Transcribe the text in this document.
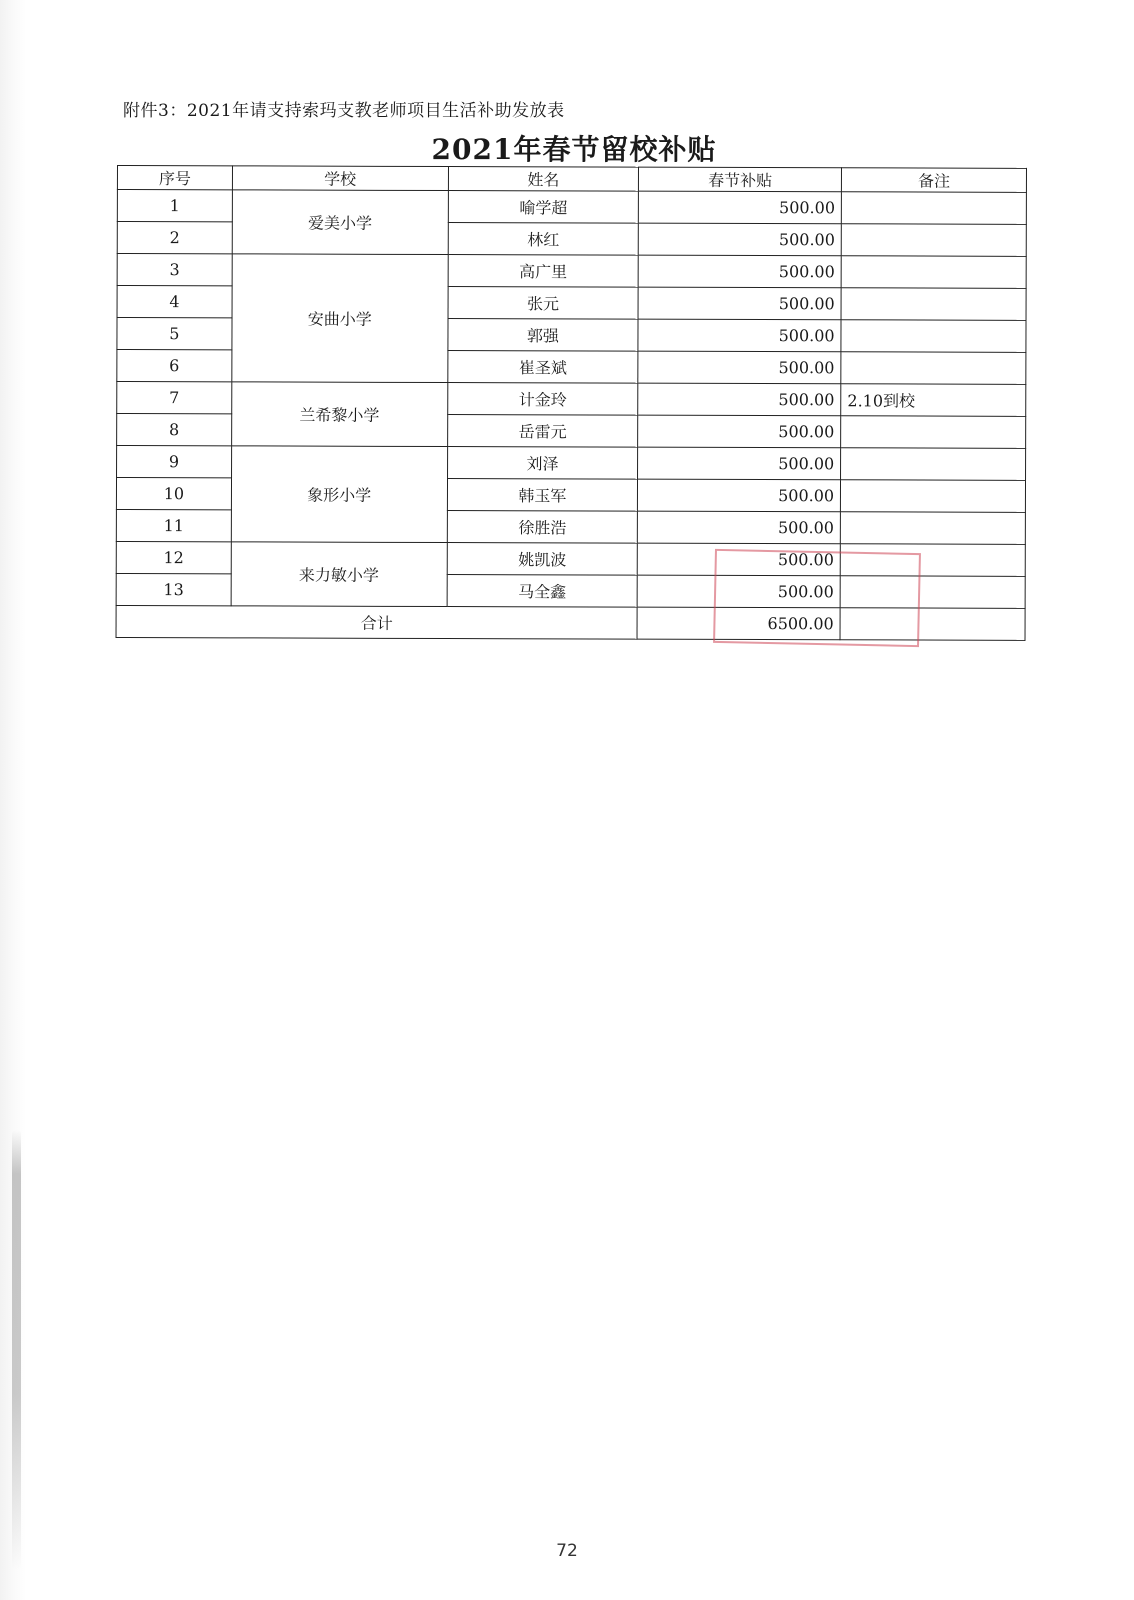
附件3：2021年请支持索玛支教老师项目生活补助发放表
2021年春节留校补贴
序号	学校	姓名	春节补贴	备注
1	爱美小学	喻学超	500.00	
2		林红	500.00	
3	安曲小学	高广里	500.00	
4		张元	500.00	
5		郭强	500.00	
6		崔圣斌	500.00	
7	兰希黎小学	计金玲	500.00	2.10到校
8		岳雷元	500.00	
9	象形小学	刘泽	500.00	
10		韩玉军	500.00	
11		徐胜浩	500.00	
12	来力敏小学	姚凯波	500.00	
13		马全鑫	500.00	
合计			6500.00	
72
